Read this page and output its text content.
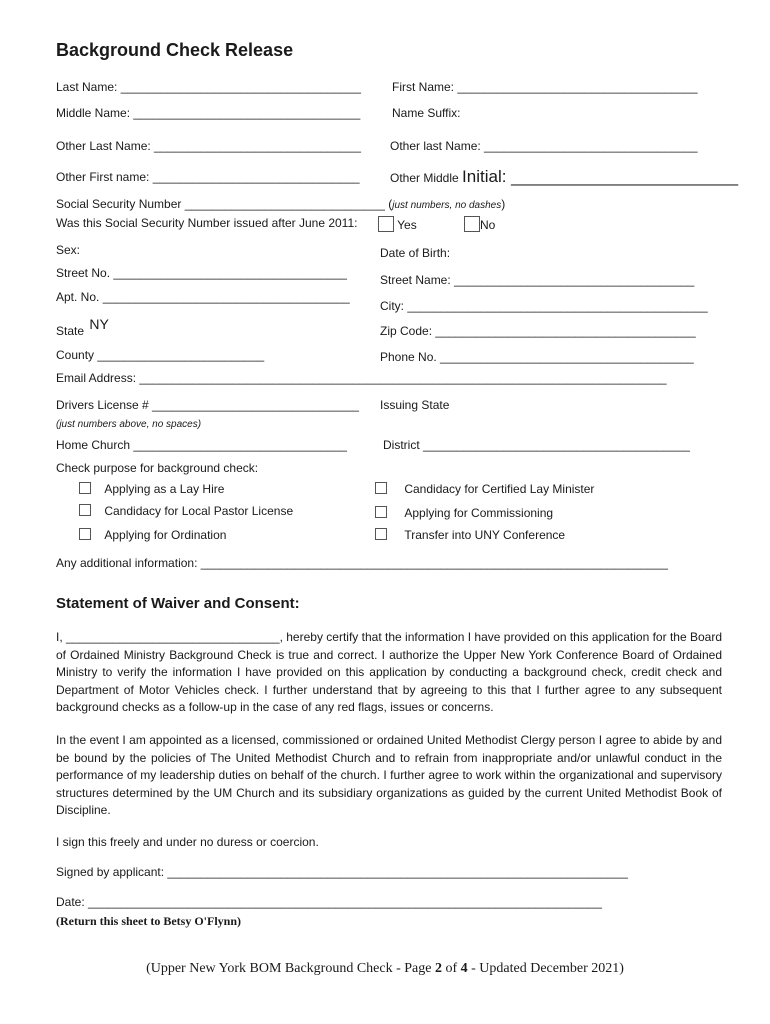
Background Check Release
Last Name: ____________________________________	First Name: ____________________________________
Middle Name: __________________________________	Name Suffix:
Other Last Name: _______________________________ Other last Name: ________________________________
Other First name: _______________________________	Other Middle Initial: ________________________
Social Security Number ______________________________ (just numbers, no dashes)
Was this Social Security Number issued after June 2011:	Yes	No
Sex:	Date of Birth:
Street No. ___________________________________	Street Name: ____________________________________
Apt. No. _____________________________________
City: _____________________________________________
State NY	Zip Code: _______________________________________
County _________________________	Phone No. ______________________________________
Email Address: _______________________________________________________________________________
Drivers License # _______________________________ Issuing State
(just numbers above, no spaces)
Home Church ________________________________	District ________________________________________
Check purpose for background check:
Applying as a Lay Hire
Candidacy for Local Pastor License
Applying for Ordination
Candidacy for Certified Lay Minister
Applying for Commissioning
Transfer into UNY Conference
Any additional information: ______________________________________________________________________
Statement of Waiver and Consent:
I, ________________________________, hereby certify that the information I have provided on this application for the Board of Ordained Ministry Background Check is true and correct. I authorize the Upper New York Conference Board of Ordained Ministry to verify the information I have provided on this application by conducting a background check, credit check and Department of Motor Vehicles check. I further understand that by agreeing to this that I further agree to any subsequent background checks as a follow-up in the case of any red flags, issues or concerns.
In the event I am appointed as a licensed, commissioned or ordained United Methodist Clergy person I agree to abide by and be bound by the policies of The United Methodist Church and to refrain from inappropriate and/or unlawful conduct in the performance of my leadership duties on behalf of the church. I further agree to work within the organizational and supervisory structures determined by the UM Church and its subsidiary organizations as guided by the current United Methodist Book of Discipline.
I sign this freely and under no duress or coercion.
Signed by applicant: _____________________________________________________________________
Date: _____________________________________________________________________________
(Return this sheet to Betsy O'Flynn)
(Upper New York BOM Background Check - Page 2 of 4 - Updated December 2021)
